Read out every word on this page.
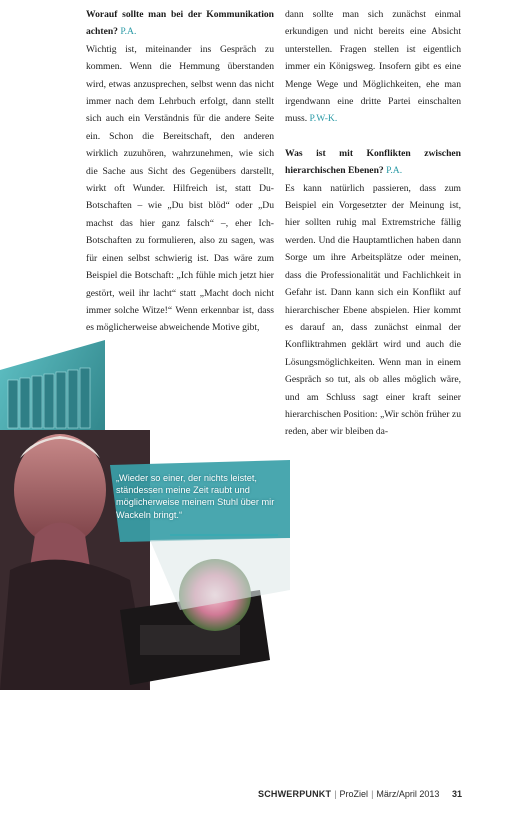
Worauf sollte man bei der Kommunikation achten? P.A.
Wichtig ist, miteinander ins Gespräch zu kommen. Wenn die Hemmung überstanden wird, etwas anzusprechen, selbst wenn das nicht immer nach dem Lehrbuch erfolgt, dann stellt sich auch ein Verständnis für die andere Seite ein. Schon die Bereitschaft, den anderen wirklich zuzuhören, wahrzunehmen, wie sich die Sache aus Sicht des Gegenübers darstellt, wirkt oft Wunder. Hilfreich ist, statt Du-Botschaften – wie „Du bist blöd“ oder „Du machst das hier ganz falsch“ –, eher Ich-Botschaften zu formulieren, also zu sagen, was für einen selbst schwierig ist. Das wäre zum Beispiel die Botschaft: „Ich fühle mich jetzt hier gestört, weil ihr lacht“ statt „Macht doch nicht immer solche Witze!“ Wenn erkennbar ist, dass es möglicherweise abweichende Motive gibt,

dann sollte man sich zunächst einmal erkundigen und nicht bereits eine Absicht unterstellen. Fragen stellen ist eigentlich immer ein Königsweg. Insofern gibt es eine Menge Wege und Möglichkeiten, ehe man irgendwann eine dritte Partei einschalten muss. P.W-K.

Was ist mit Konflikten zwischen hierarchischen Ebenen? P.A.
Es kann natürlich passieren, dass zum Beispiel ein Vorgesetzter der Meinung ist, hier sollten ruhig mal Extremstriche fällig werden. Und die Hauptamtlichen haben dann Sorge um ihre Arbeitsplätze oder meinen, dass die Professionalität und Fachlichkeit in Gefahr ist. Dann kann sich ein Konflikt auf hierarchischer Ebene abspielen. Hier kommt es darauf an, dass zunächst einmal der Konfliktrahmen geklärt wird und auch die Lösungsmöglichkeiten. Wenn man in einem Gespräch so tut, als ob alles möglich wäre, und am Schluss sagt einer kraft seiner hierarchischen Position: „Wir schön früher zu reden, aber wir bleiben da-

„Wieder so einer, der nichts leistet, ständessen meine Zeit raubt und möglicherweise meinem Stuhl über mir Wackeln bringt.“
SCHWERPUNKT | ProZiel | März/April 2013 31
